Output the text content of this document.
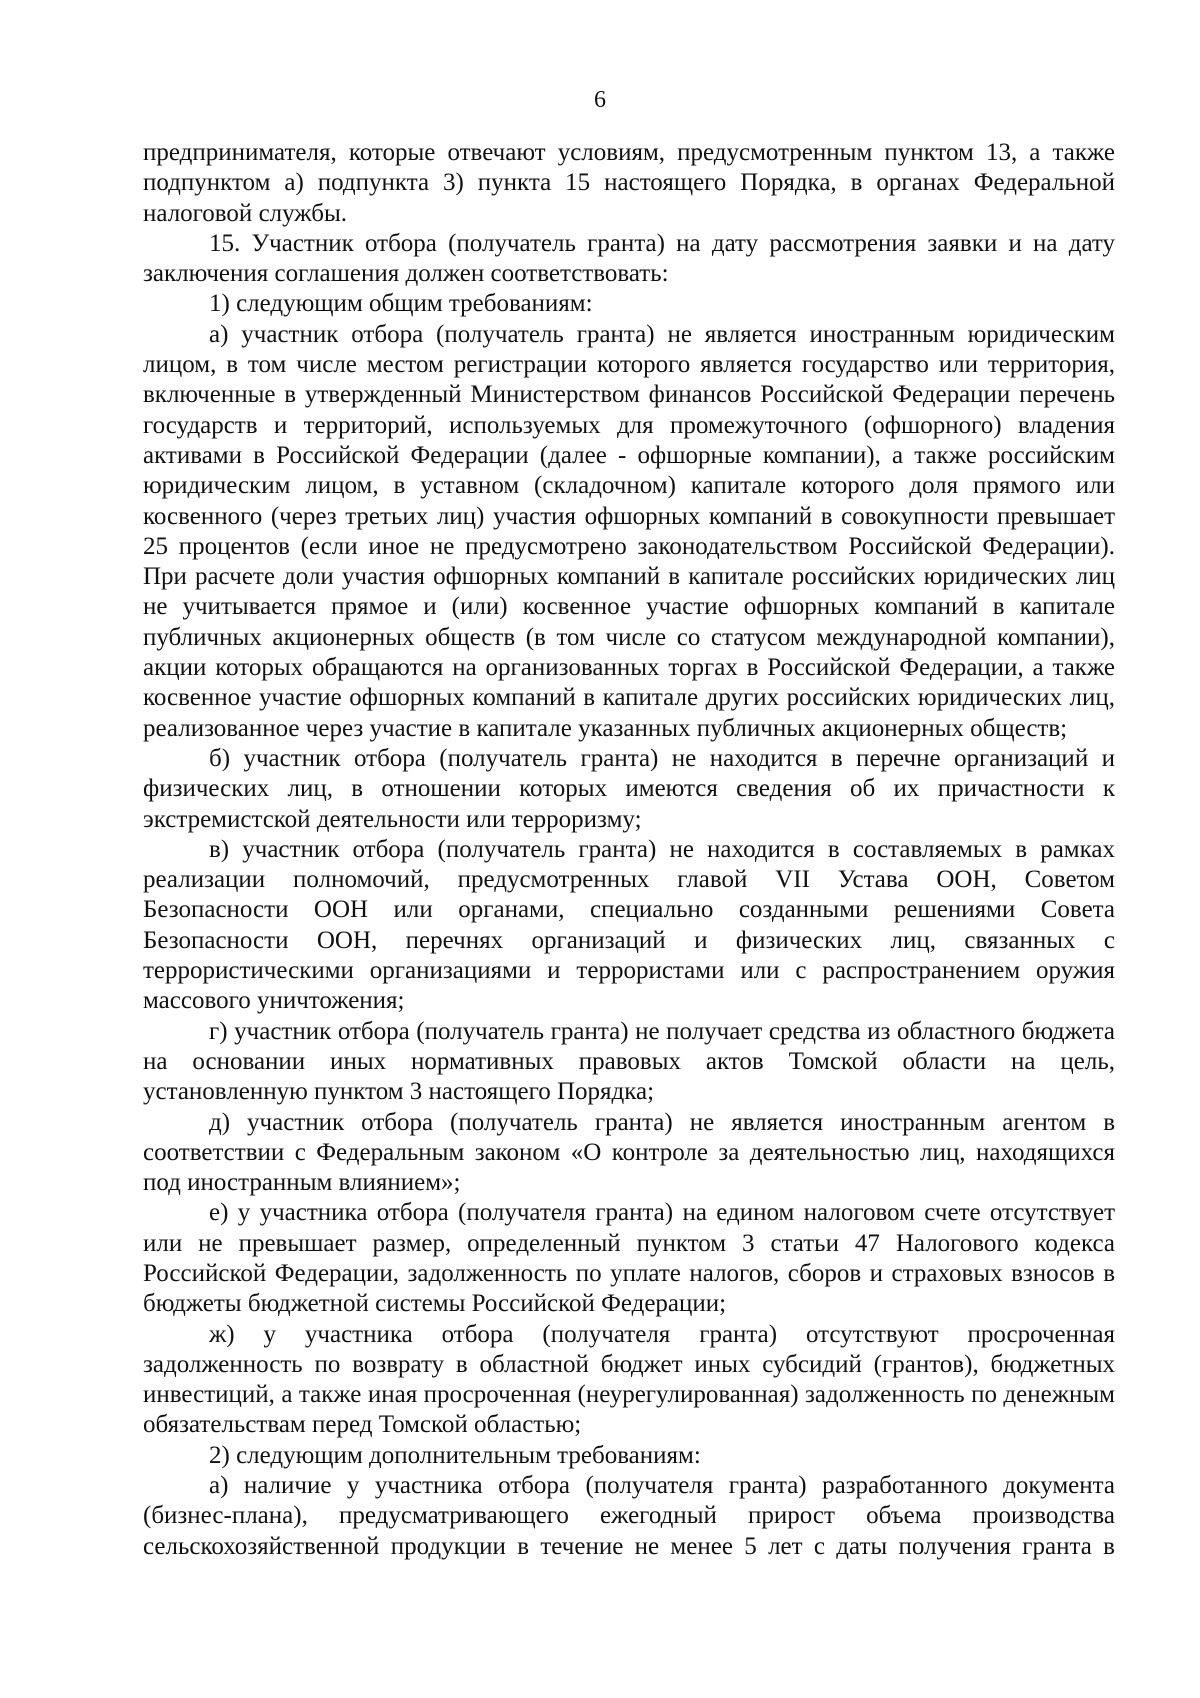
6

предпринимателя, которые отвечают условиям, предусмотренным пунктом 13, а также подпунктом а) подпункта 3) пункта 15 настоящего Порядка, в органах Федеральной налоговой службы.

15. Участник отбора (получатель гранта) на дату рассмотрения заявки и на дату заключения соглашения должен соответствовать:

1) следующим общим требованиям:

а) участник отбора (получатель гранта) не является иностранным юридическим лицом, в том числе местом регистрации которого является государство или территория, включенные в утвержденный Министерством финансов Российской Федерации перечень государств и территорий, используемых для промежуточного (офшорного) владения активами в Российской Федерации (далее - офшорные компании), а также российским юридическим лицом, в уставном (складочном) капитале которого доля прямого или косвенного (через третьих лиц) участия офшорных компаний в совокупности превышает 25 процентов (если иное не предусмотрено законодательством Российской Федерации). При расчете доли участия офшорных компаний в капитале российских юридических лиц не учитывается прямое и (или) косвенное участие офшорных компаний в капитале публичных акционерных обществ (в том числе со статусом международной компании), акции которых обращаются на организованных торгах в Российской Федерации, а также косвенное участие офшорных компаний в капитале других российских юридических лиц, реализованное через участие в капитале указанных публичных акционерных обществ;

б) участник отбора (получатель гранта) не находится в перечне организаций и физических лиц, в отношении которых имеются сведения об их причастности к экстремистской деятельности или терроризму;

в) участник отбора (получатель гранта) не находится в составляемых в рамках реализации полномочий, предусмотренных главой VII Устава ООН, Советом Безопасности ООН или органами, специально созданными решениями Совета Безопасности ООН, перечнях организаций и физических лиц, связанных с террористическими организациями и террористами или с распространением оружия массового уничтожения;

г) участник отбора (получатель гранта) не получает средства из областного бюджета на основании иных нормативных правовых актов Томской области на цель, установленную пунктом 3 настоящего Порядка;

д) участник отбора (получатель гранта) не является иностранным агентом в соответствии с Федеральным законом «О контроле за деятельностью лиц, находящихся под иностранным влиянием»;

е) у участника отбора (получателя гранта) на едином налоговом счете отсутствует или не превышает размер, определенный пунктом 3 статьи 47 Налогового кодекса Российской Федерации, задолженность по уплате налогов, сборов и страховых взносов в бюджеты бюджетной системы Российской Федерации;

ж) у участника отбора (получателя гранта) отсутствуют просроченная задолженность по возврату в областной бюджет иных субсидий (грантов), бюджетных инвестиций, а также иная просроченная (неурегулированная) задолженность по денежным обязательствам перед Томской областью;

2) следующим дополнительным требованиям:

а) наличие у участника отбора (получателя гранта) разработанного документа (бизнес-плана), предусматривающего ежегодный прирост объема производства сельскохозяйственной продукции в течение не менее 5 лет с даты получения гранта в
